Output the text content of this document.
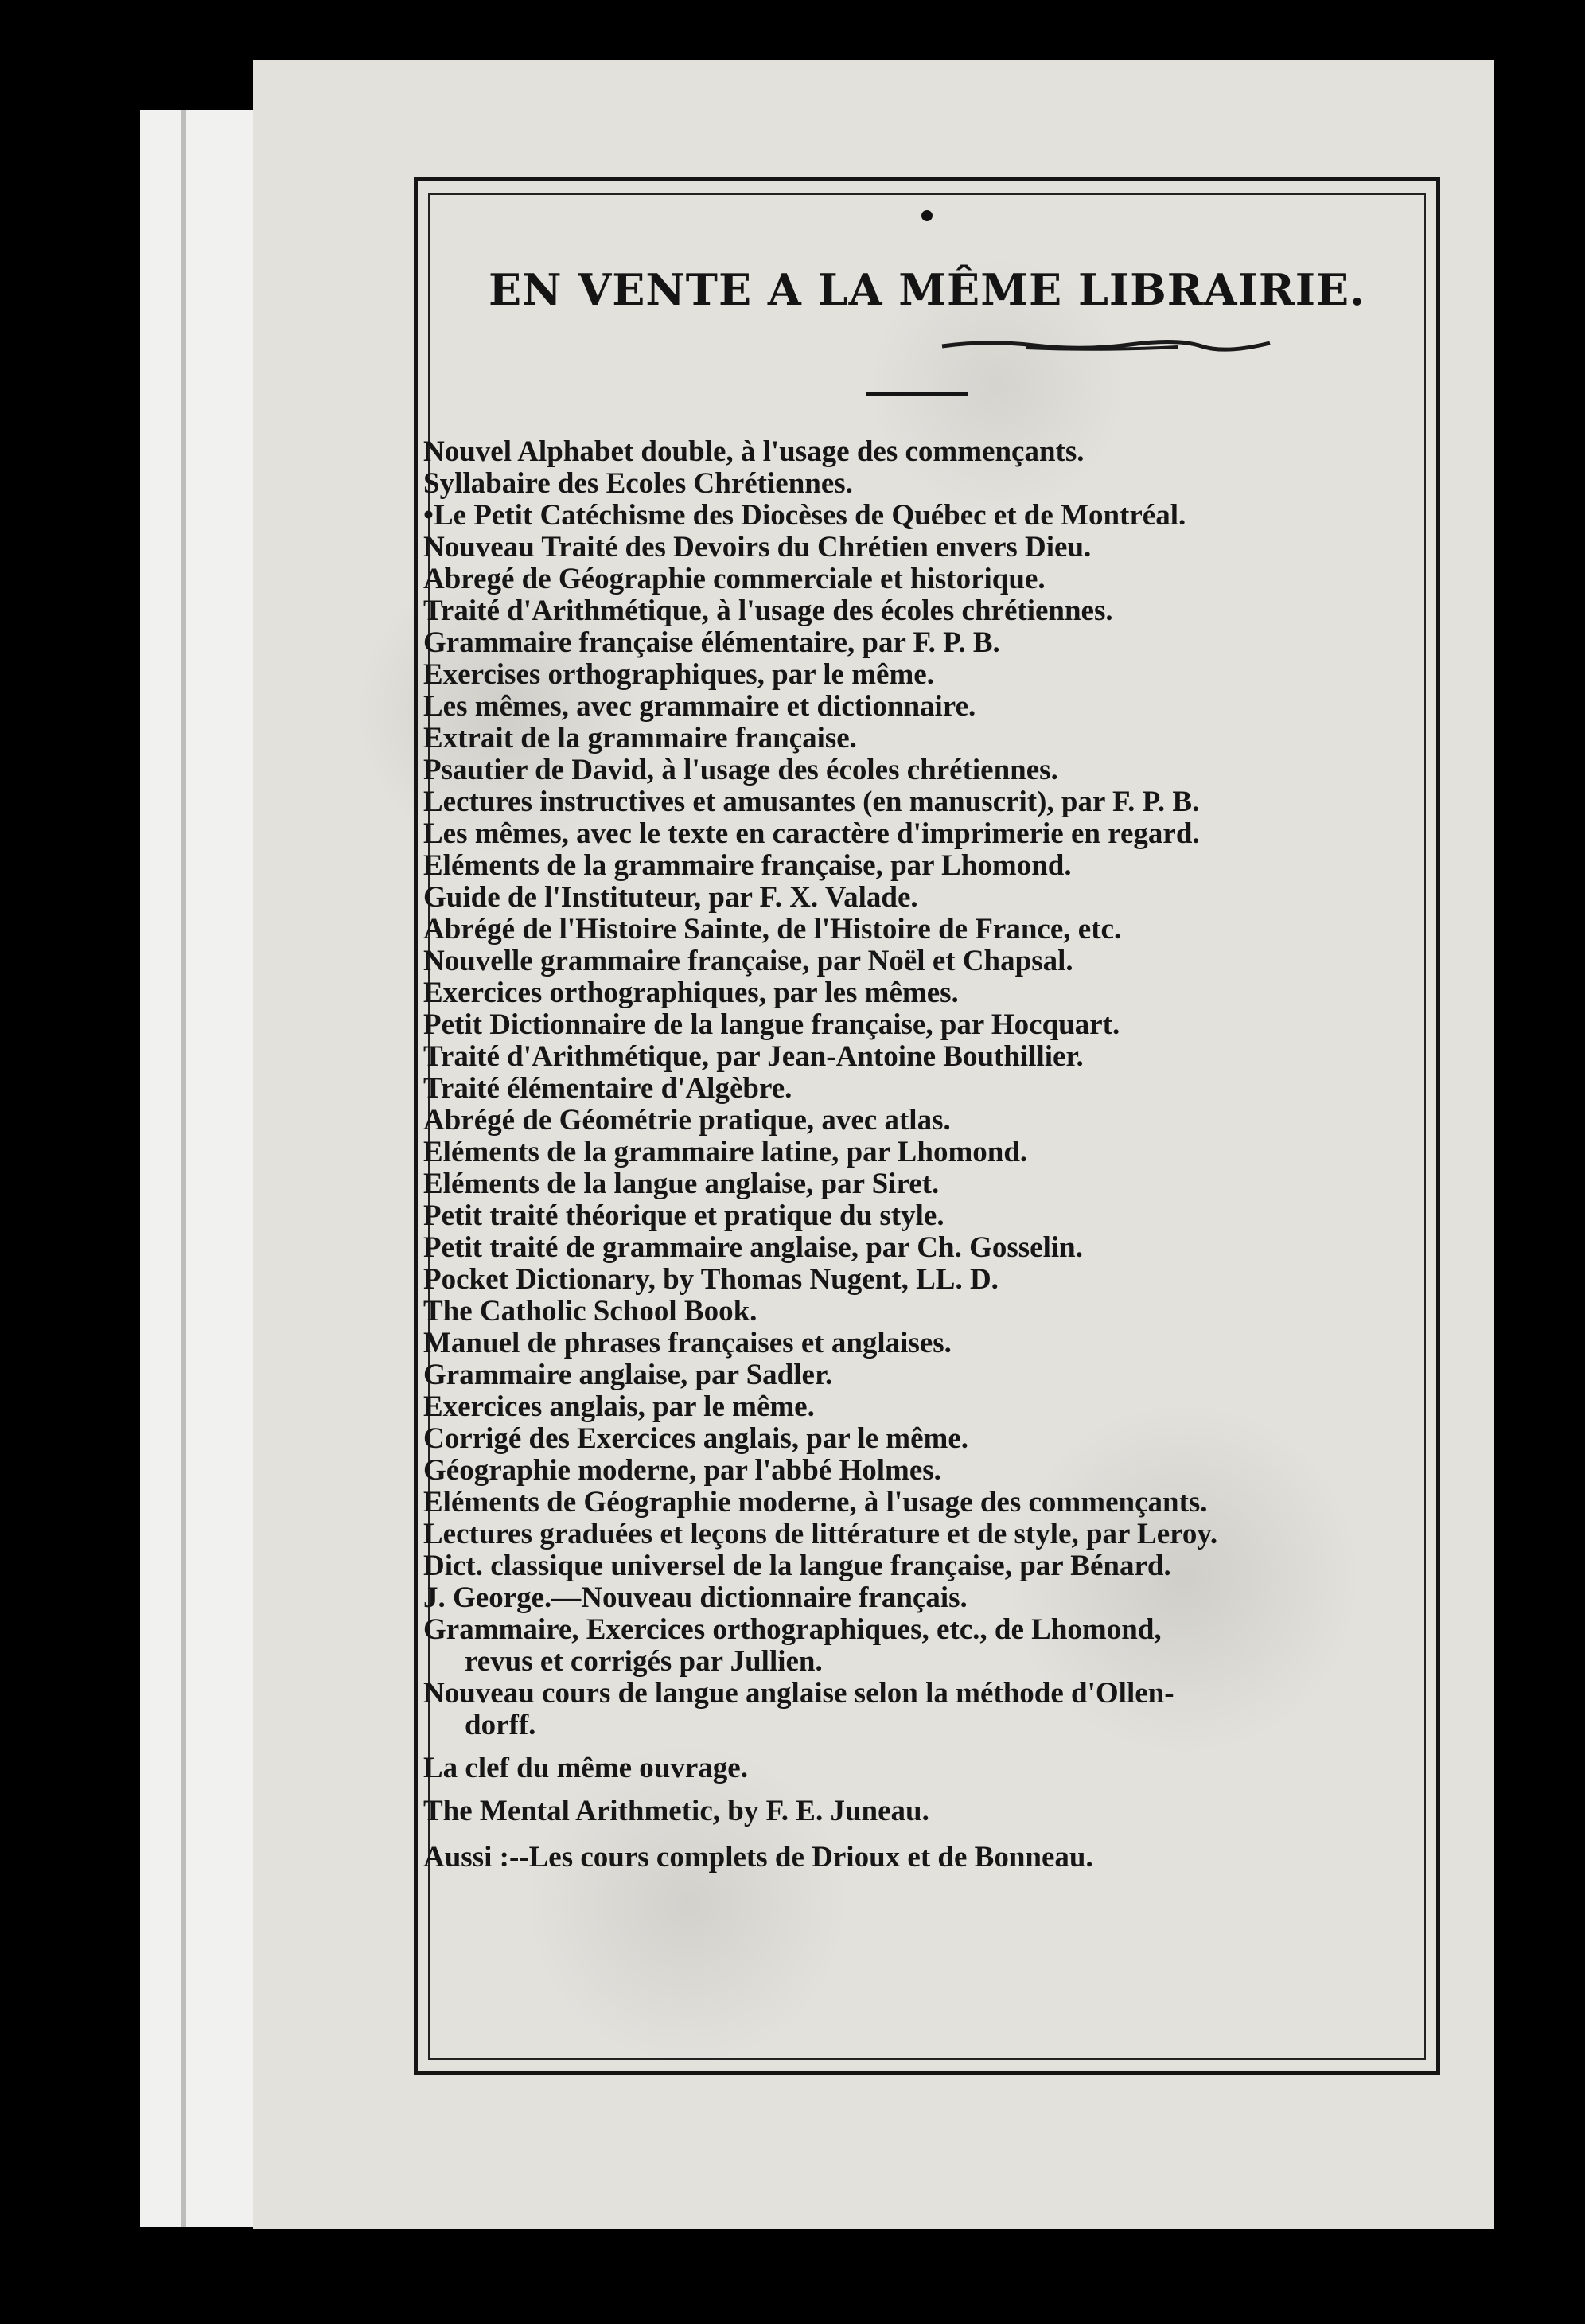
EN VENTE A LA MÊME LIBRAIRIE.
Nouvel Alphabet double, à l'usage des commençants.
Syllabaire des Ecoles Chrétiennes.
•Le Petit Catéchisme des Diocèses de Québec et de Montréal.
Nouveau Traité des Devoirs du Chrétien envers Dieu.
Abregé de Géographie commerciale et historique.
Traité d'Arithmétique, à l'usage des écoles chrétiennes.
Grammaire française élémentaire, par F. P. B.
Exercises orthographiques, par le même.
Les mêmes, avec grammaire et dictionnaire.
Extrait de la grammaire française.
Psautier de David, à l'usage des écoles chrétiennes.
Lectures instructives et amusantes (en manuscrit), par F. P. B.
Les mêmes, avec le texte en caractère d'imprimerie en regard.
Eléments de la grammaire française, par Lhomond.
Guide de l'Instituteur, par F. X. Valade.
Abrégé de l'Histoire Sainte, de l'Histoire de France, etc.
Nouvelle grammaire française, par Noël et Chapsal.
Exercices orthographiques, par les mêmes.
Petit Dictionnaire de la langue française, par Hocquart.
Traité d'Arithmétique, par Jean-Antoine Bouthillier.
Traité élémentaire d'Algèbre.
Abrégé de Géométrie pratique, avec atlas.
Eléments de la grammaire latine, par Lhomond.
Eléments de la langue anglaise, par Siret.
Petit traité théorique et pratique du style.
Petit traité de grammaire anglaise, par Ch. Gosselin.
Pocket Dictionary, by Thomas Nugent, LL. D.
The Catholic School Book.
Manuel de phrases françaises et anglaises.
Grammaire anglaise, par Sadler.
Exercices anglais, par le même.
Corrigé des Exercices anglais, par le même.
Géographie moderne, par l'abbé Holmes.
Eléments de Géographie moderne, à l'usage des commençants.
Lectures graduées et leçons de littérature et de style, par Leroy.
Dict. classique universel de la langue française, par Bénard.
J. George.—Nouveau dictionnaire français.
Grammaire, Exercices orthographiques, etc., de Lhomond,
revus et corrigés par Jullien.
Nouveau cours de langue anglaise selon la méthode d'Ollen-
dorff.
La clef du même ouvrage.
The Mental Arithmetic, by F. E. Juneau.
Aussi :--Les cours complets de Drioux et de Bonneau.
